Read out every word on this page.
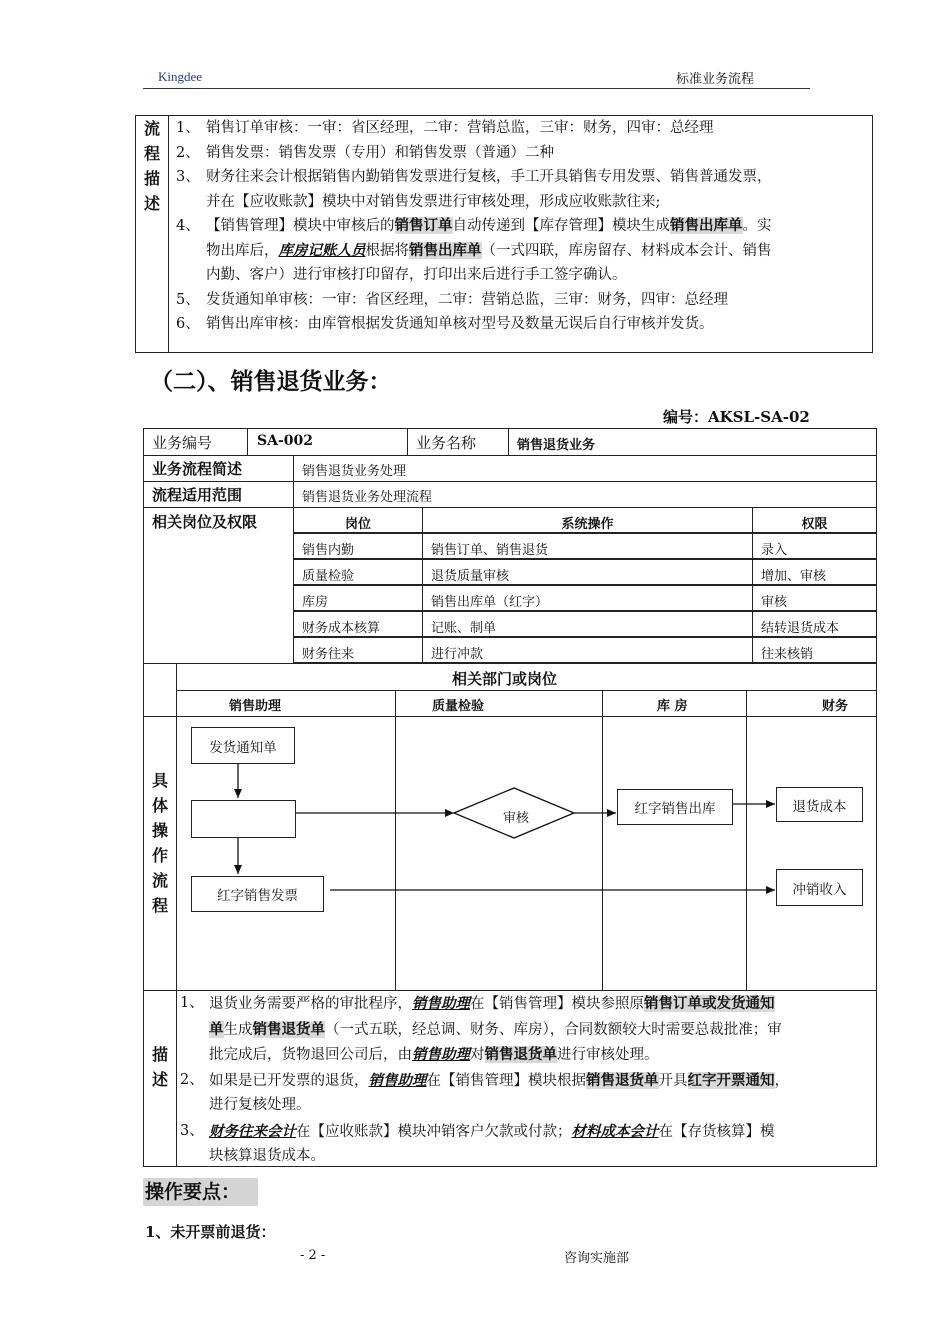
Kingdee	标准业务流程
流
程
描
述
1、 销售订单审核：一审：省区经理，二审：营销总监，三审：财务，四审：总经理
2、 销售发票：销售发票（专用）和销售发票（普通）二种
3、 财务往来会计根据销售内勤销售发票进行复核，手工开具销售专用发票、销售普通发票，
并在【应收账款】模块中对销售发票进行审核处理，形成应收账款往来;
4、 【销售管理】模块中审核后的销售订单自动传递到【库存管理】模块生成销售出库单。实
物出库后，库房记账人员根据将销售出库单（一式四联，库房留存、材料成本会计、销售
内勤、客户）进行审核打印留存，打印出来后进行手工签字确认。
5、 发货通知单审核：一审：省区经理，二审：营销总监，三审：财务，四审：总经理
6、 销售出库审核：由库管根据发货通知单核对型号及数量无误后自行审核并发货。
（二）、销售退货业务：
编号：AKSL-SA-02
业务编号	SA-002	业务名称	销售退货业务
业务流程简述	销售退货业务处理
流程适用范围	销售退货业务处理流程
相关岗位及权限	岗位	系统操作	权限
销售内勤	销售订单、销售退货	录入
质量检验	退货质量审核	增加、审核
库房	销售出库单（红字）	审核
财务成本核算	记账、制单	结转退货成本
财务往来	进行冲款	往来核销
相关部门或岗位
销售助理	质量检验	库 房	财务
具
体
操
作
流
程
审核
发货通知单
红字销售发票
红字销售出库	退货成本
冲销收入
描
述
1、 退货业务需要严格的审批程序，销售助理在【销售管理】模块参照原销售订单或发货通知
单生成销售退货单（一式五联，经总调、财务、库房），合同数额较大时需要总裁批准；审
批完成后，货物退回公司后，由销售助理对销售退货单进行审核处理。
2、 如果是已开发票的退货，销售助理在【销售管理】模块根据销售退货单开具红字开票通知，
进行复核处理。
3、 财务往来会计在【应收账款】模块冲销客户欠款或付款；材料成本会计在【存货核算】模
块核算退货成本。
操作要点：
1、未开票前退货：
- 2 -	咨询实施部
